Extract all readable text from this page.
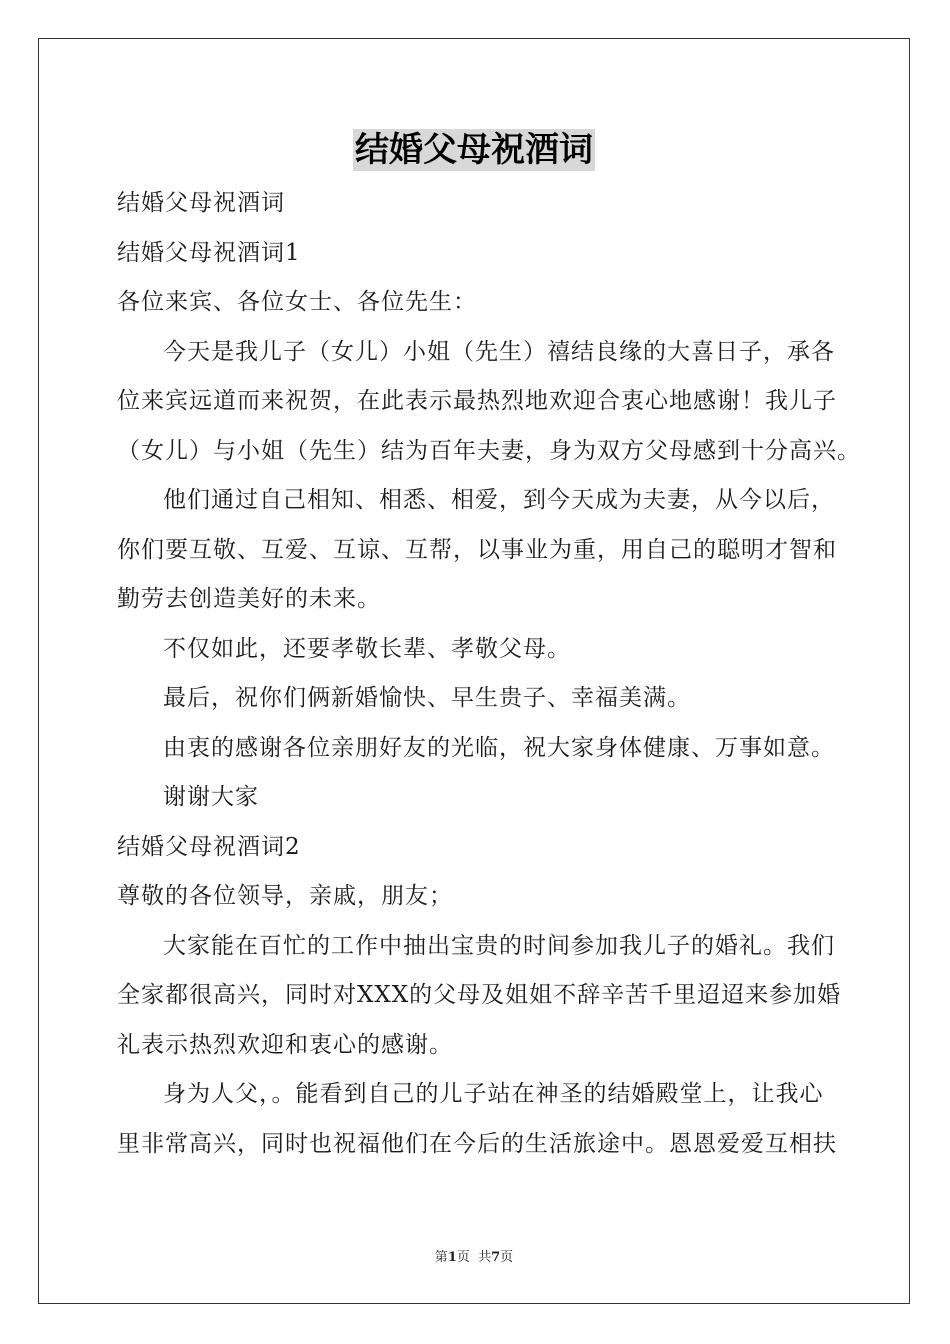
结婚父母祝酒词

结婚父母祝酒词

结婚父母祝酒词1

各位来宾、各位女士、各位先生：

今天是我儿子（女儿）小姐（先生）禧结良缘的大喜日子，承各

位来宾远道而来祝贺，在此表示最热烈地欢迎合衷心地感谢！我儿子

（女儿）与小姐（先生）结为百年夫妻，身为双方父母感到十分高兴。

他们通过自己相知、相悉、相爱，到今天成为夫妻，从今以后，

你们要互敬、互爱、互谅、互帮，以事业为重，用自己的聪明才智和

勤劳去创造美好的未来。

不仅如此，还要孝敬长辈、孝敬父母。

最后，祝你们俩新婚愉快、早生贵子、幸福美满。

由衷的感谢各位亲朋好友的光临，祝大家身体健康、万事如意。

谢谢大家

结婚父母祝酒词2

尊敬的各位领导，亲戚，朋友；

大家能在百忙的工作中抽出宝贵的时间参加我儿子的婚礼。我们

全家都很高兴，同时对XXX的父母及姐姐不辞辛苦千里迢迢来参加婚

礼表示热烈欢迎和衷心的感谢。

身为人父，。能看到自己的儿子站在神圣的结婚殿堂上，让我心

里非常高兴，同时也祝福他们在今后的生活旅途中。恩恩爱爱互相扶

第1页  共7页
